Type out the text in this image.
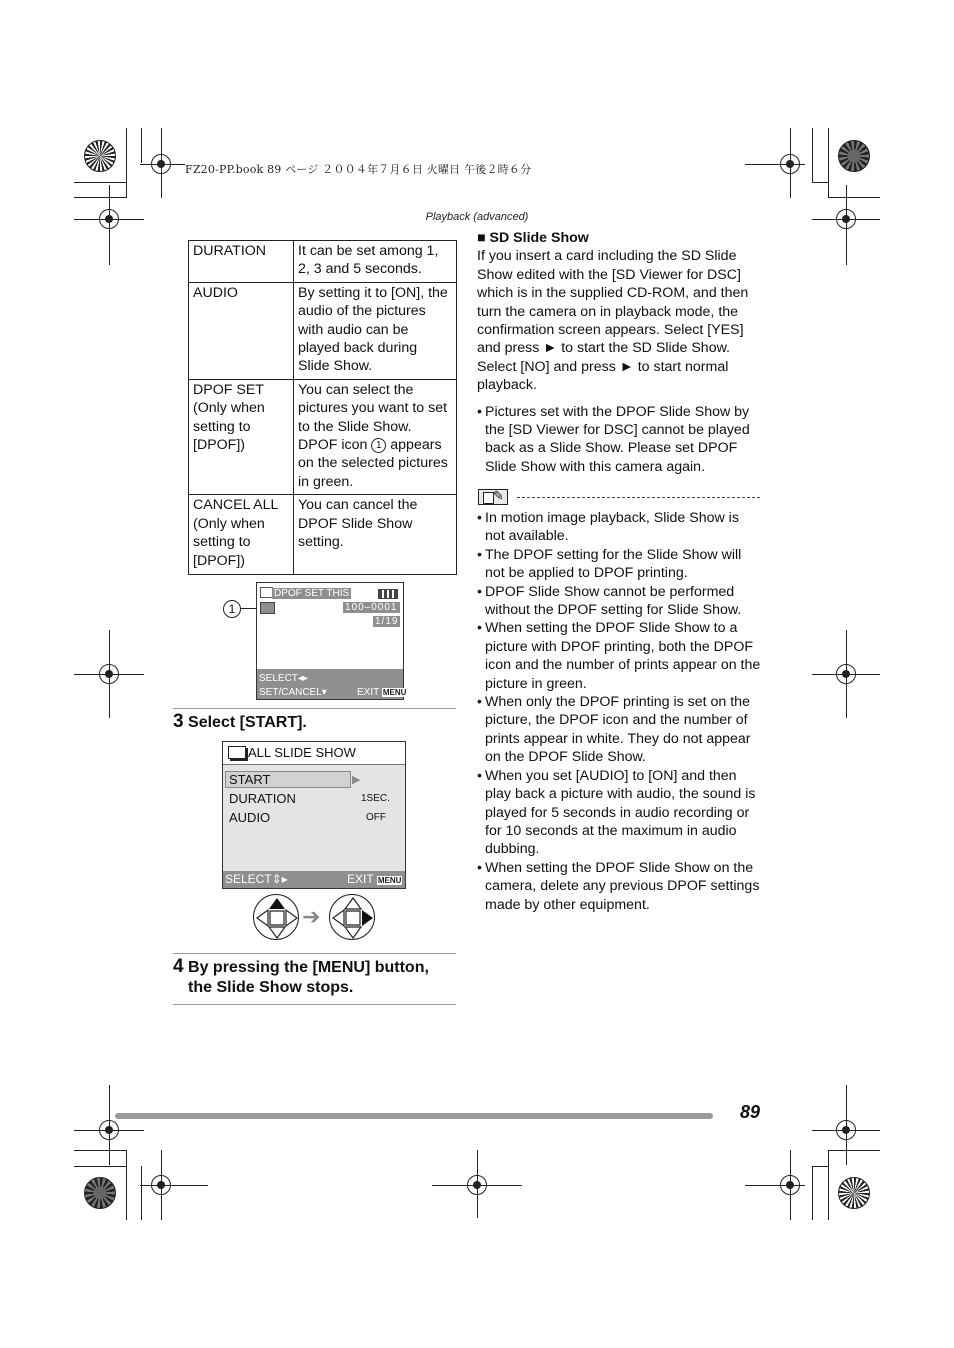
FZ20-PP.book 89 ページ ２００４年７月６日 火曜日 午後２時６分
Playback (advanced)
DURATION	It can be set among 1, 2, 3 and 5 seconds.
AUDIO	By setting it to [ON], the audio of the pictures with audio can be played back during Slide Show.
DPOF SET (Only when setting to [DPOF])	You can select the pictures you want to set to the Slide Show. DPOF icon 1 appears on the selected pictures in green.
CANCEL ALL (Only when setting to [DPOF])	You can cancel the DPOF Slide Show setting.
1
DPOF SET THIS
100–0001
1/19
SELECT◂▸
SET/CANCEL▾	EXIT MENU
3 Select [START].
ALL SLIDE SHOW
▶
START
DURATION	1SEC.
AUDIO	OFF
SELECT⇕▸	EXIT MENU
➔
4 By pressing the [MENU] button,
the Slide Show stops.

■ SD Slide Show

If you insert a card including the SD Slide Show edited with the [SD Viewer for DSC] which is in the supplied CD-ROM, and then turn the camera on in playback mode, the confirmation screen appears. Select [YES] and press ► to start the SD Slide Show. Select [NO] and press ► to start normal playback.

• Pictures set with the DPOF Slide Show by the [SD Viewer for DSC] cannot be played back as a Slide Show. Please set DPOF Slide Show with this camera again.
✎
• In motion image playback, Slide Show is not available.
• The DPOF setting for the Slide Show will not be applied to DPOF printing.
• DPOF Slide Show cannot be performed without the DPOF setting for Slide Show.
• When setting the DPOF Slide Show to a picture with DPOF printing, both the DPOF icon and the number of prints appear on the picture in green.
• When only the DPOF printing is set on the picture, the DPOF icon and the number of prints appear in white. They do not appear on the DPOF Slide Show.
• When you set [AUDIO] to [ON] and then play back a picture with audio, the sound is played for 5 seconds in audio recording or for 10 seconds at the maximum in audio dubbing.
• When setting the DPOF Slide Show on the camera, delete any previous DPOF settings made by other equipment.
89
